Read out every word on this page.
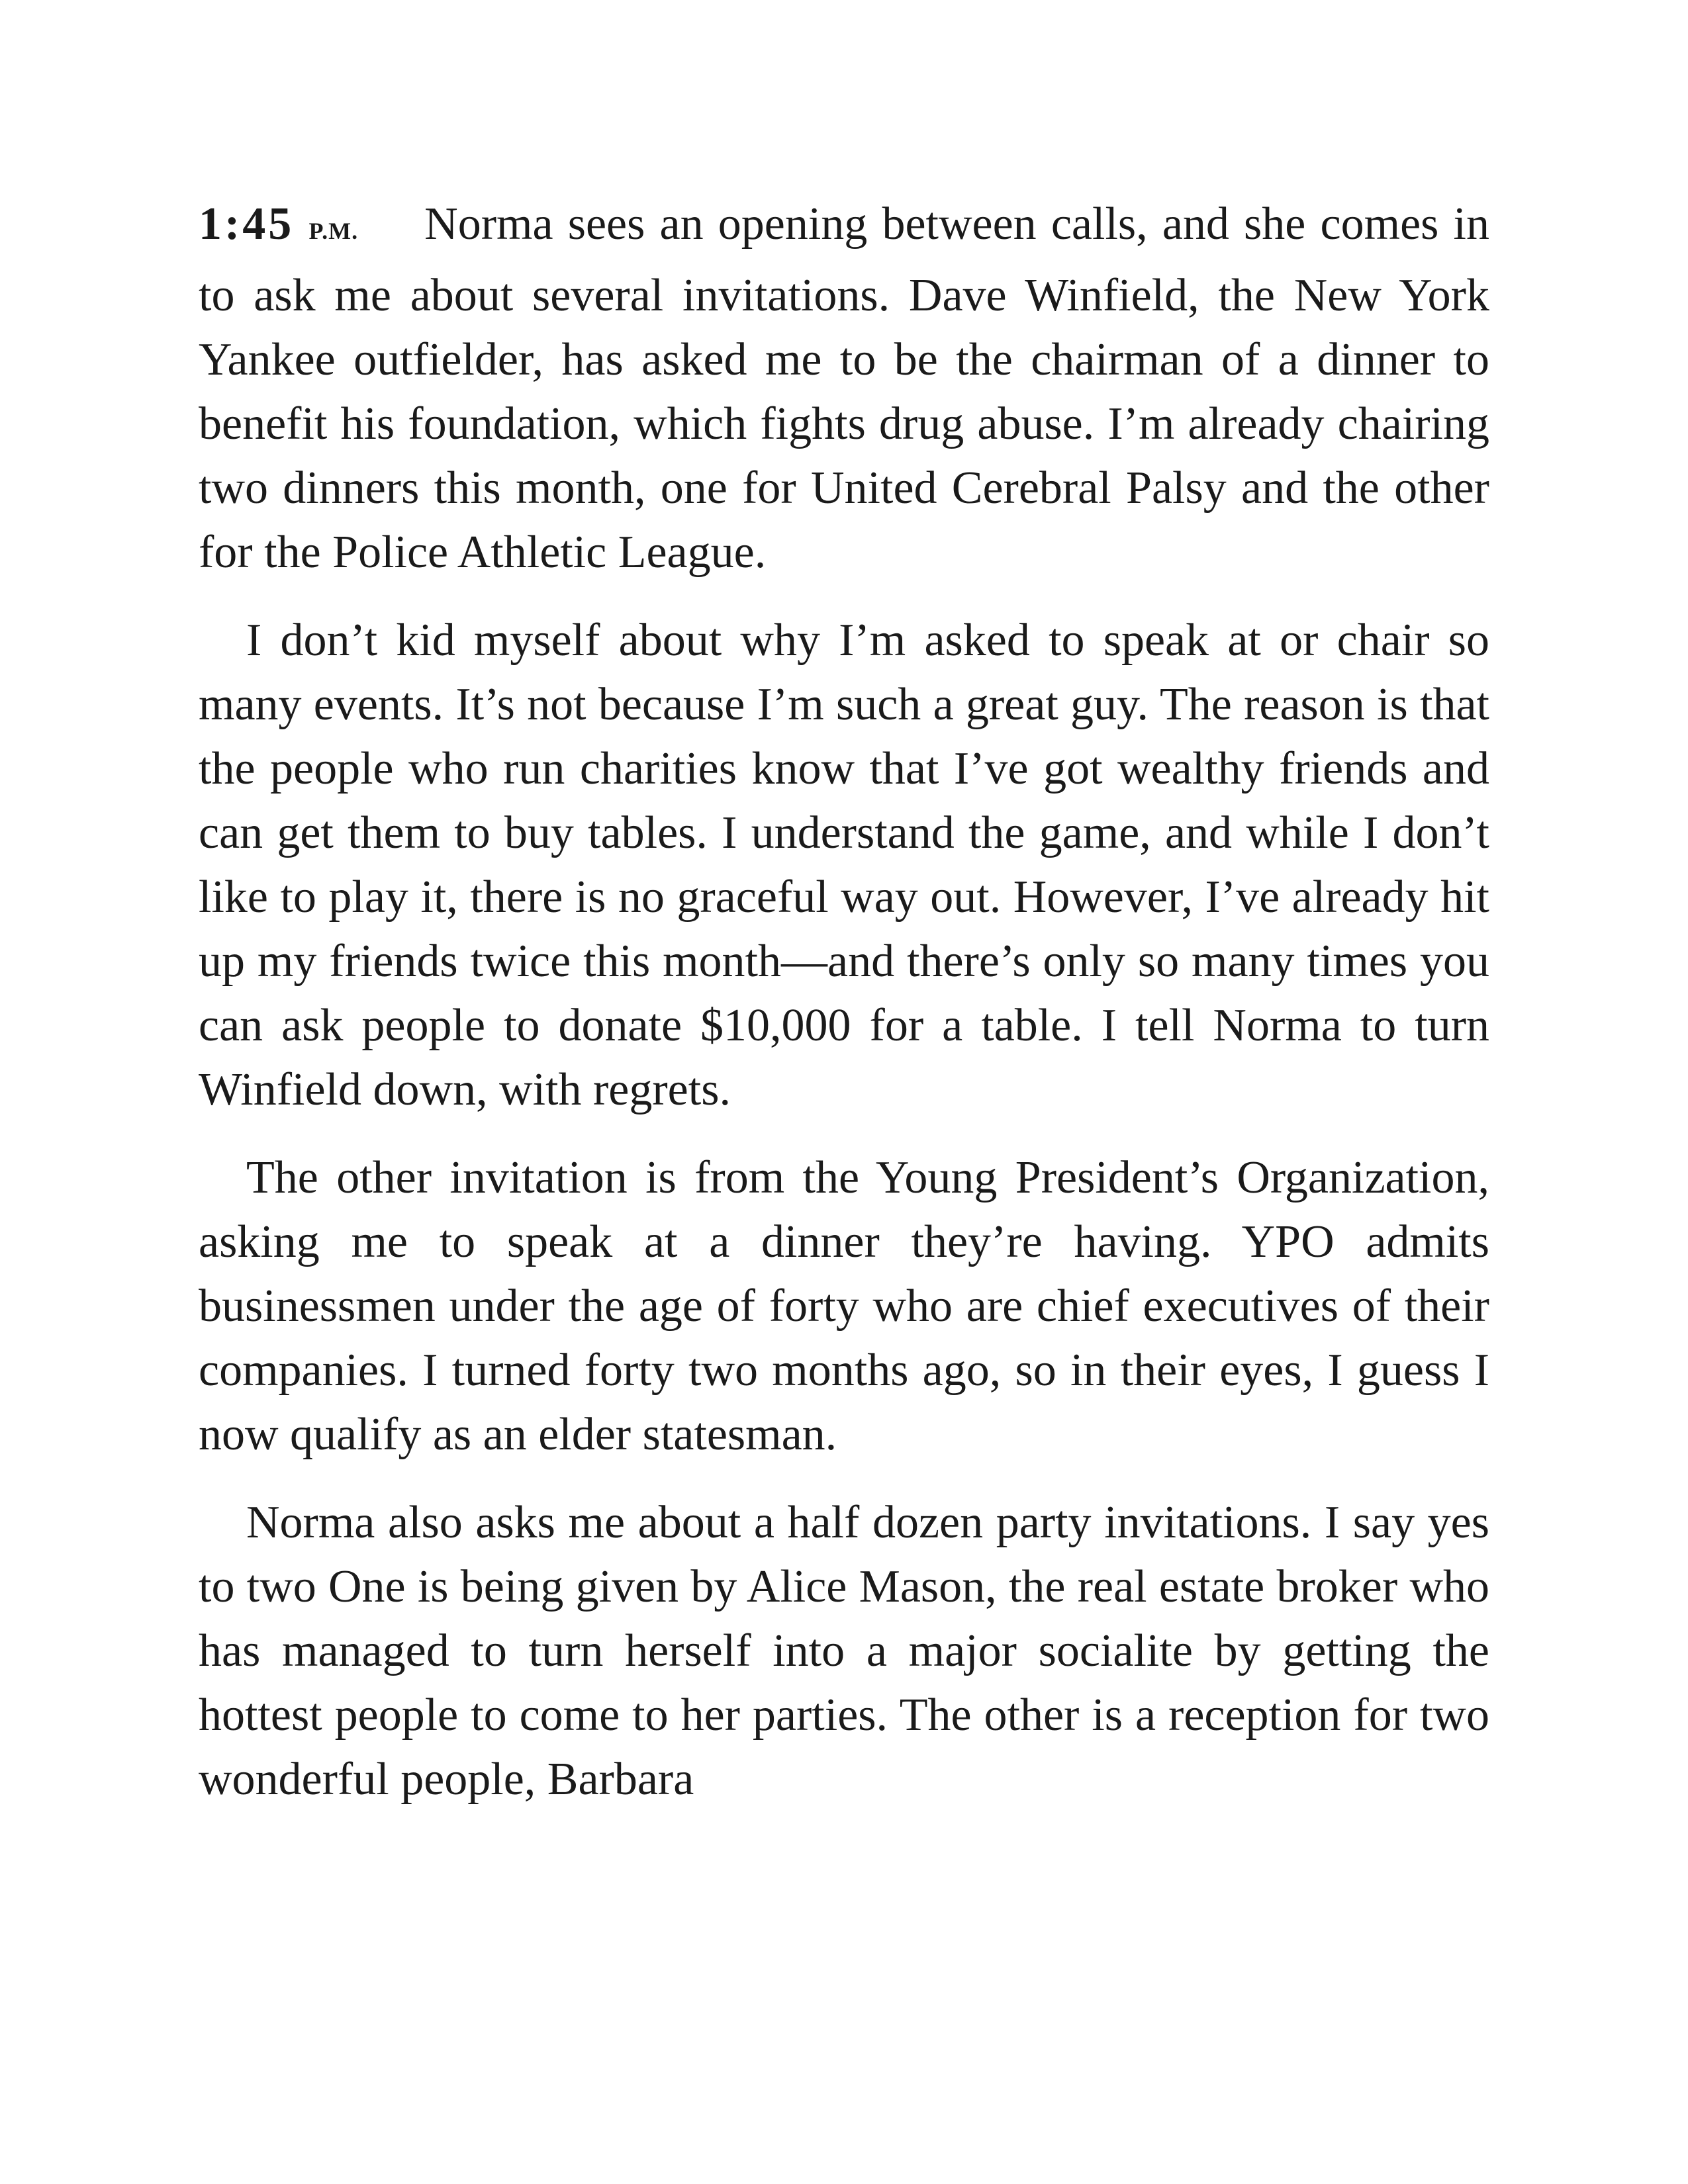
1:45 P.M. Norma sees an opening between calls, and she comes in to ask me about several invitations. Dave Winfield, the New York Yankee outfielder, has asked me to be the chairman of a dinner to benefit his foundation, which fights drug abuse. I’m already chairing two dinners this month, one for United Cerebral Palsy and the other for the Police Athletic League.

I don’t kid myself about why I’m asked to speak at or chair so many events. It’s not because I’m such a great guy. The reason is that the people who run charities know that I’ve got wealthy friends and can get them to buy tables. I understand the game, and while I don’t like to play it, there is no graceful way out. However, I’ve already hit up my friends twice this month—and there’s only so many times you can ask people to donate $10,000 for a table. I tell Norma to turn Winfield down, with regrets.

The other invitation is from the Young President’s Organization, asking me to speak at a dinner they’re having. YPO admits businessmen under the age of forty who are chief executives of their companies. I turned forty two months ago, so in their eyes, I guess I now qualify as an elder statesman.

Norma also asks me about a half dozen party invitations. I say yes to two One is being given by Alice Mason, the real estate broker who has managed to turn herself into a major socialite by getting the hottest people to come to her parties. The other is a reception for two wonderful people, Barbara
